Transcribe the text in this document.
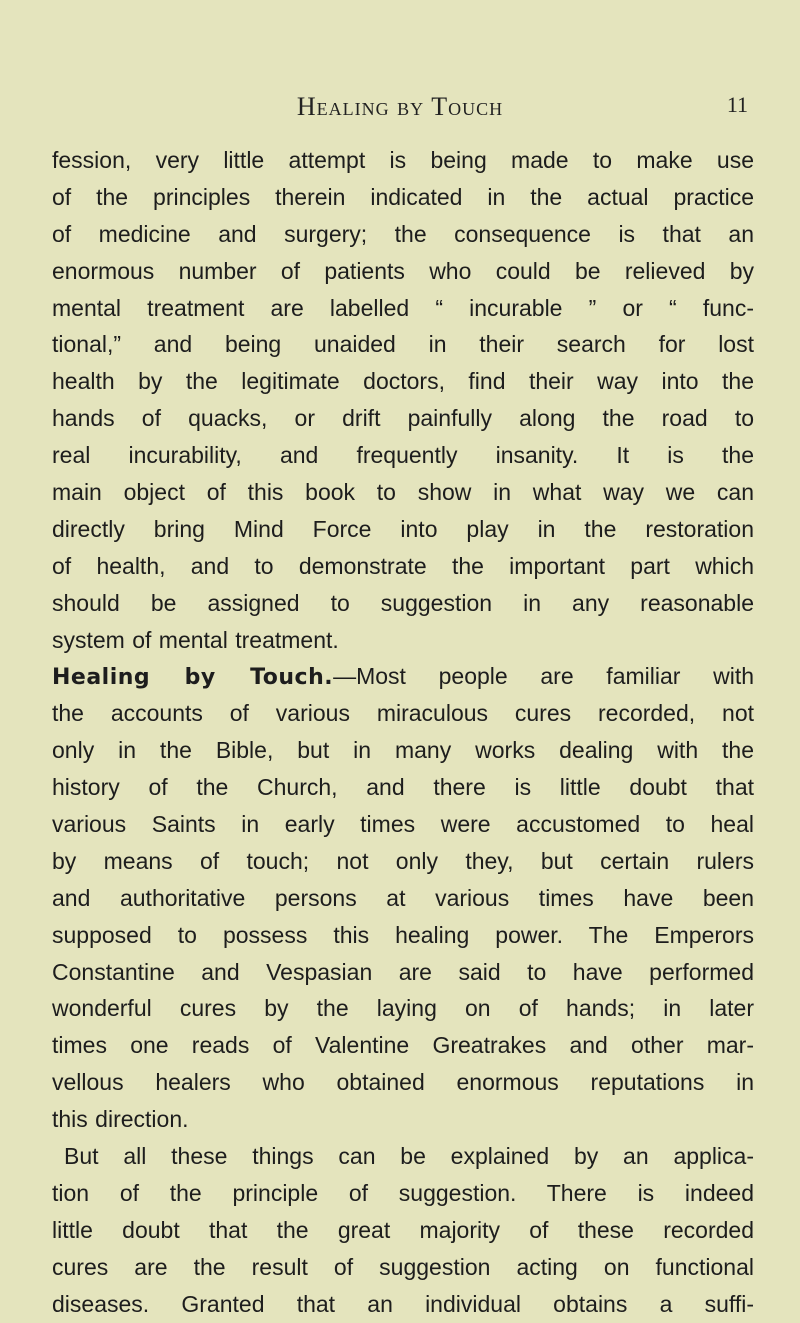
Healing by Touch	11
fession, very little attempt is being made to make use
of the principles therein indicated in the actual practice
of medicine and surgery; the consequence is that an
enormous number of patients who could be relieved by
mental treatment are labelled “ incurable ” or “ func-
tional,” and being unaided in their search for lost
health by the legitimate doctors, find their way into the
hands of quacks, or drift painfully along the road to
real incurability, and frequently insanity. It is the
main object of this book to show in what way we can
directly bring Mind Force into play in the restoration
of health, and to demonstrate the important part which
should be assigned to suggestion in any reasonable
system of mental treatment.
Healing by Touch.—Most people are familiar with
the accounts of various miraculous cures recorded, not
only in the Bible, but in many works dealing with the
history of the Church, and there is little doubt that
various Saints in early times were accustomed to heal
by means of touch; not only they, but certain rulers
and authoritative persons at various times have been
supposed to possess this healing power. The Emperors
Constantine and Vespasian are said to have performed
wonderful cures by the laying on of hands; in later
times one reads of Valentine Greatrakes and other mar-
vellous healers who obtained enormous reputations in
this direction.
But all these things can be explained by an applica-
tion of the principle of suggestion. There is indeed
little doubt that the great majority of these recorded
cures are the result of suggestion acting on functional
diseases. Granted that an individual obtains a suffi-
